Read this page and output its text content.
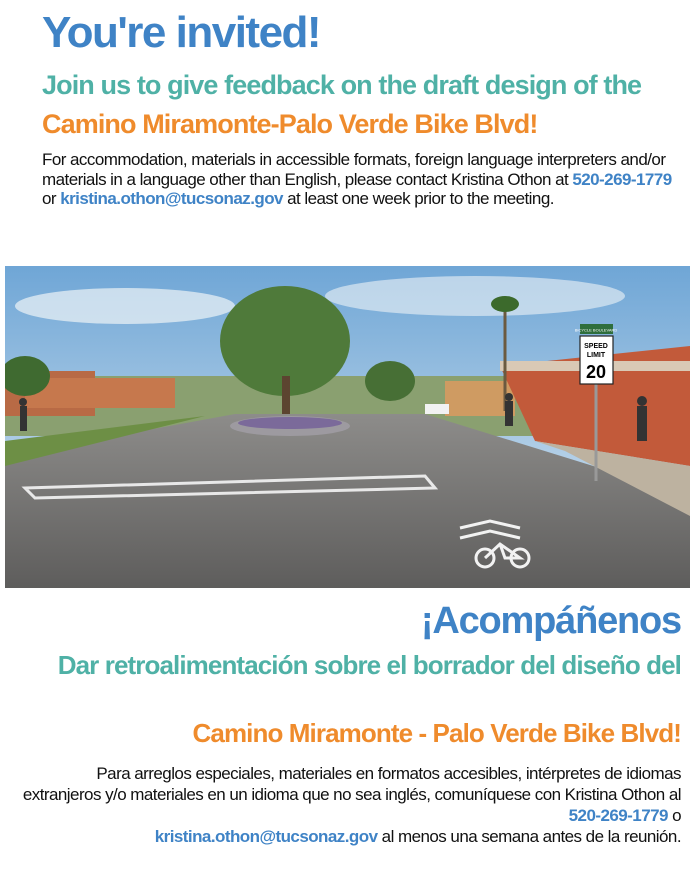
You're invited!

Join us to give feedback on the draft design of the Camino Miramonte-Palo Verde Bike Blvd!

For accommodation, materials in accessible formats, foreign language interpreters and/or materials in a language other than English, please contact Kristina Othon at 520-269-1779 or kristina.othon@tucsonaz.gov at least one week prior to the meeting.

BICYCLE BOULEVARD
SPEED
LIMIT
20
¡Acompáñenos

Dar retroalimentación sobre el borrador del diseño del

Camino Miramonte - Palo Verde Bike Blvd!

Para arreglos especiales, materiales en formatos accesibles, intérpretes de idiomas extranjeros y/o materiales en un idioma que no sea inglés, comuníquese con Kristina Othon al 520-269-1779 o
kristina.othon@tucsonaz.gov al menos una semana antes de la reunión.
